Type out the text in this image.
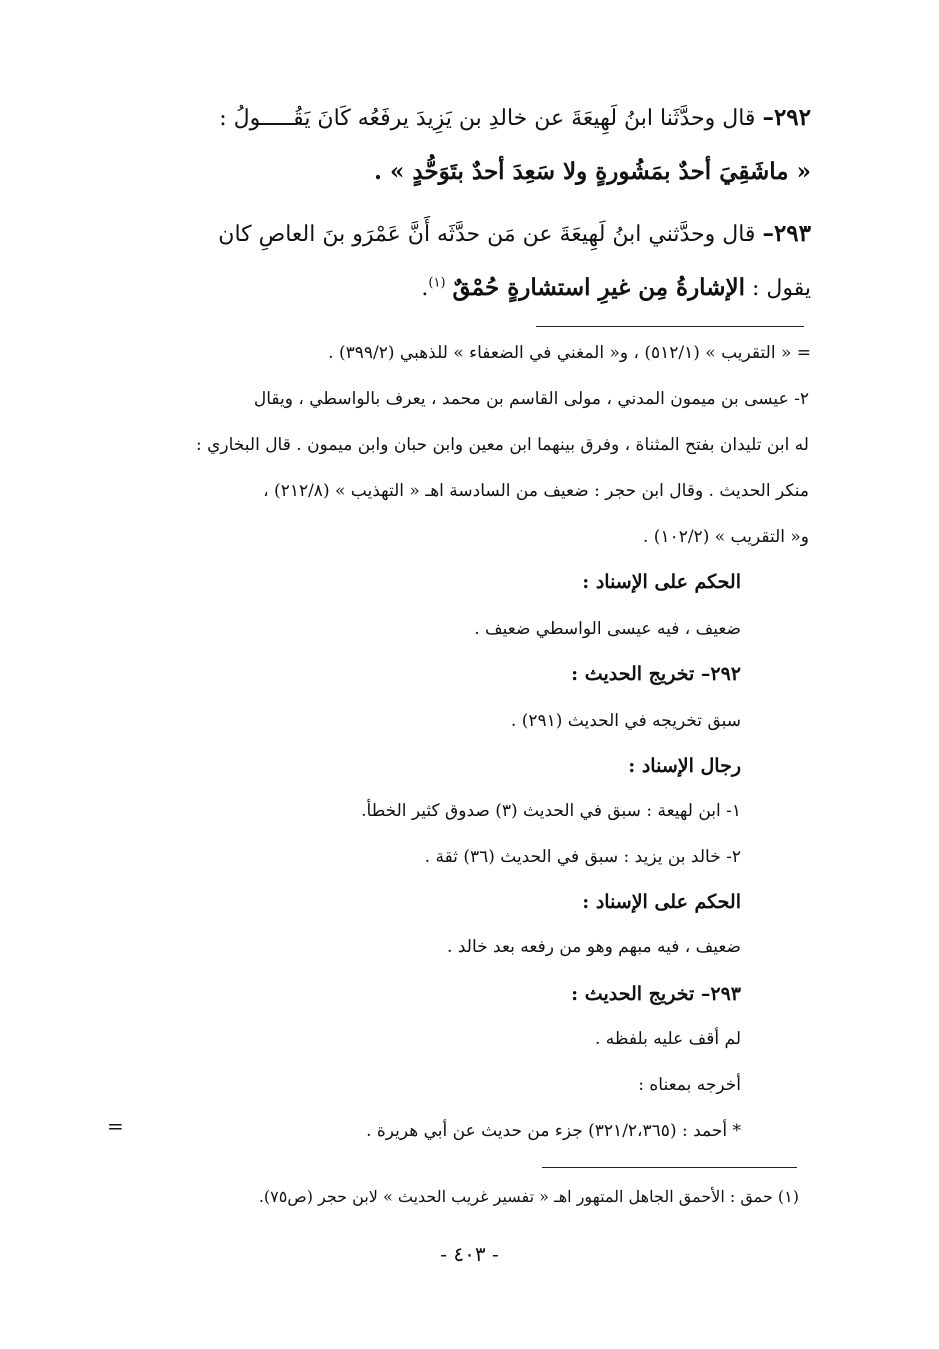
٢٩٢– قال وحدَّثَنا ابنُ لَهِيعَةَ عن خالدِ بن يَزِيدَ يرفَعُه كَانَ يَقُـــــولُ :
« ماشَقِيَ أحدٌ بمَشُورةٍ ولا سَعِدَ أحدٌ بتَوَحُّدٍ » .
٢٩٣– قال وحدَّثني ابنُ لَهِيعَةَ عن مَن حدَّثَه أَنَّ عَمْرَو بنَ العاصِ كان
يقول : الإشارةُ مِن غيرِ استشارةٍ حُمْقٌ $^{(١)}$.
= « التقريب » (٥١٢/١) ، و« المغني في الضعفاء » للذهبي (٣٩٩/٢) .
٢- عيسى بن ميمون المدني ، مولى القاسم بن محمد ، يعرف بالواسطي ، ويقال
له ابن تليدان بفتح المثناة ، وفرق بينهما ابن معين وابن حبان وابن ميمون . قال البخاري :
منكر الحديث . وقال ابن حجر : ضعيف من السادسة اهـ « التهذيب » (٢١٢/٨) ،
و« التقريب » (١٠٢/٢) .
الحكم على الإسناد :
ضعيف ، فيه عيسى الواسطي ضعيف .
٢٩٢– تخريج الحديث :
سبق تخريجه في الحديث (٢٩١) .
رجال الإسناد :
١- ابن لهيعة : سبق في الحديث (٣) صدوق كثير الخطأ.
٢- خالد بن يزيد : سبق في الحديث (٣٦) ثقة .
الحكم على الإسناد :
ضعيف ، فيه مبهم وهو من رفعه بعد خالد .
٢٩٣– تخريج الحديث :
لم أقف عليه بلفظه .
أخرجه بمعناه :
* أحمد : (٣٢١/٢،٣٦٥) جزء من حديث عن أبي هريرة .
=
(١) حمق : الأحمق الجاهل المتهور اهـ « تفسير غريب الحديث » لابن حجر (ص٧٥).
- ٤٠٣ -
